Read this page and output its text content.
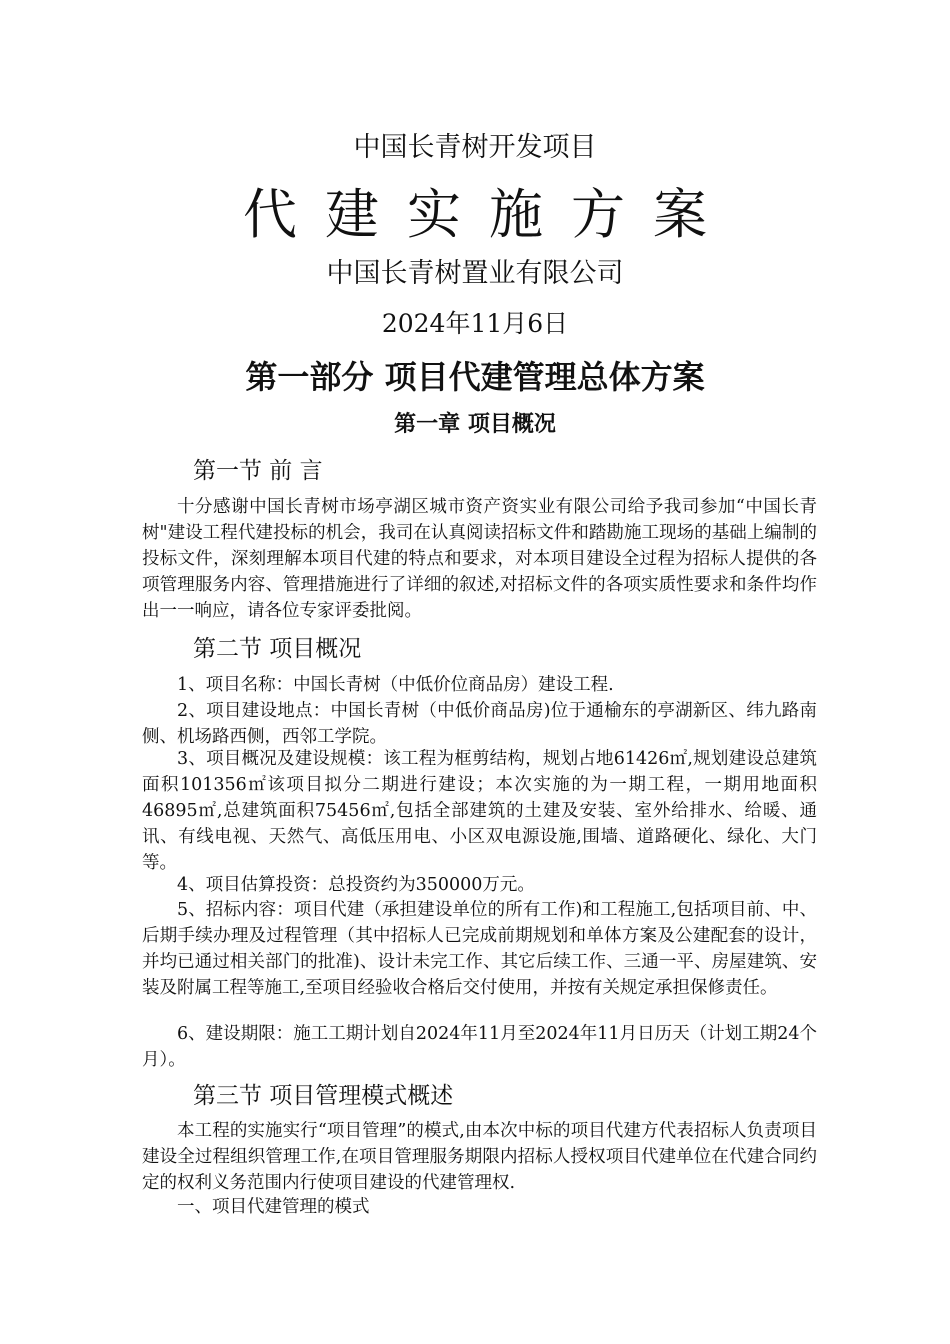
中国长青树开发项目
代建实施方案
中国长青树置业有限公司
2024年11月6日
第一部分 项目代建管理总体方案
第一章 项目概况
第一节 前 言
十分感谢中国长青树市场亭湖区城市资产资实业有限公司给予我司参加“中国长青树"建设工程代建投标的机会，我司在认真阅读招标文件和踏勘施工现场的基础上编制的投标文件，深刻理解本项目代建的特点和要求，对本项目建设全过程为招标人提供的各项管理服务内容、管理措施进行了详细的叙述,对招标文件的各项实质性要求和条件均作出一一响应，请各位专家评委批阅。
第二节 项目概况
1、项目名称：中国长青树（中低价位商品房）建设工程.
2、项目建设地点：中国长青树（中低价商品房)位于通榆东的亭湖新区、纬九路南侧、机场路西侧，西邻工学院。
3、项目概况及建设规模：该工程为框剪结构，规划占地61426㎡,规划建设总建筑面积101356㎡该项目拟分二期进行建设；本次实施的为一期工程，一期用地面积46895㎡,总建筑面积75456㎡,包括全部建筑的土建及安装、室外给排水、给暖、通讯、有线电视、天然气、高低压用电、小区双电源设施,围墙、道路硬化、绿化、大门等。
4、项目估算投资：总投资约为350000万元。
5、招标内容：项目代建（承担建设单位的所有工作)和工程施工,包括项目前、中、后期手续办理及过程管理（其中招标人已完成前期规划和单体方案及公建配套的设计，并均已通过相关部门的批准)、设计未完工作、其它后续工作、三通一平、房屋建筑、安装及附属工程等施工,至项目经验收合格后交付使用，并按有关规定承担保修责任。
6、建设期限：施工工期计划自2024年11月至2024年11月日历天（计划工期24个月）。
第三节 项目管理模式概述
本工程的实施实行“项目管理”的模式,由本次中标的项目代建方代表招标人负责项目建设全过程组织管理工作,在项目管理服务期限内招标人授权项目代建单位在代建合同约定的权利义务范围内行使项目建设的代建管理权.
一、项目代建管理的模式
